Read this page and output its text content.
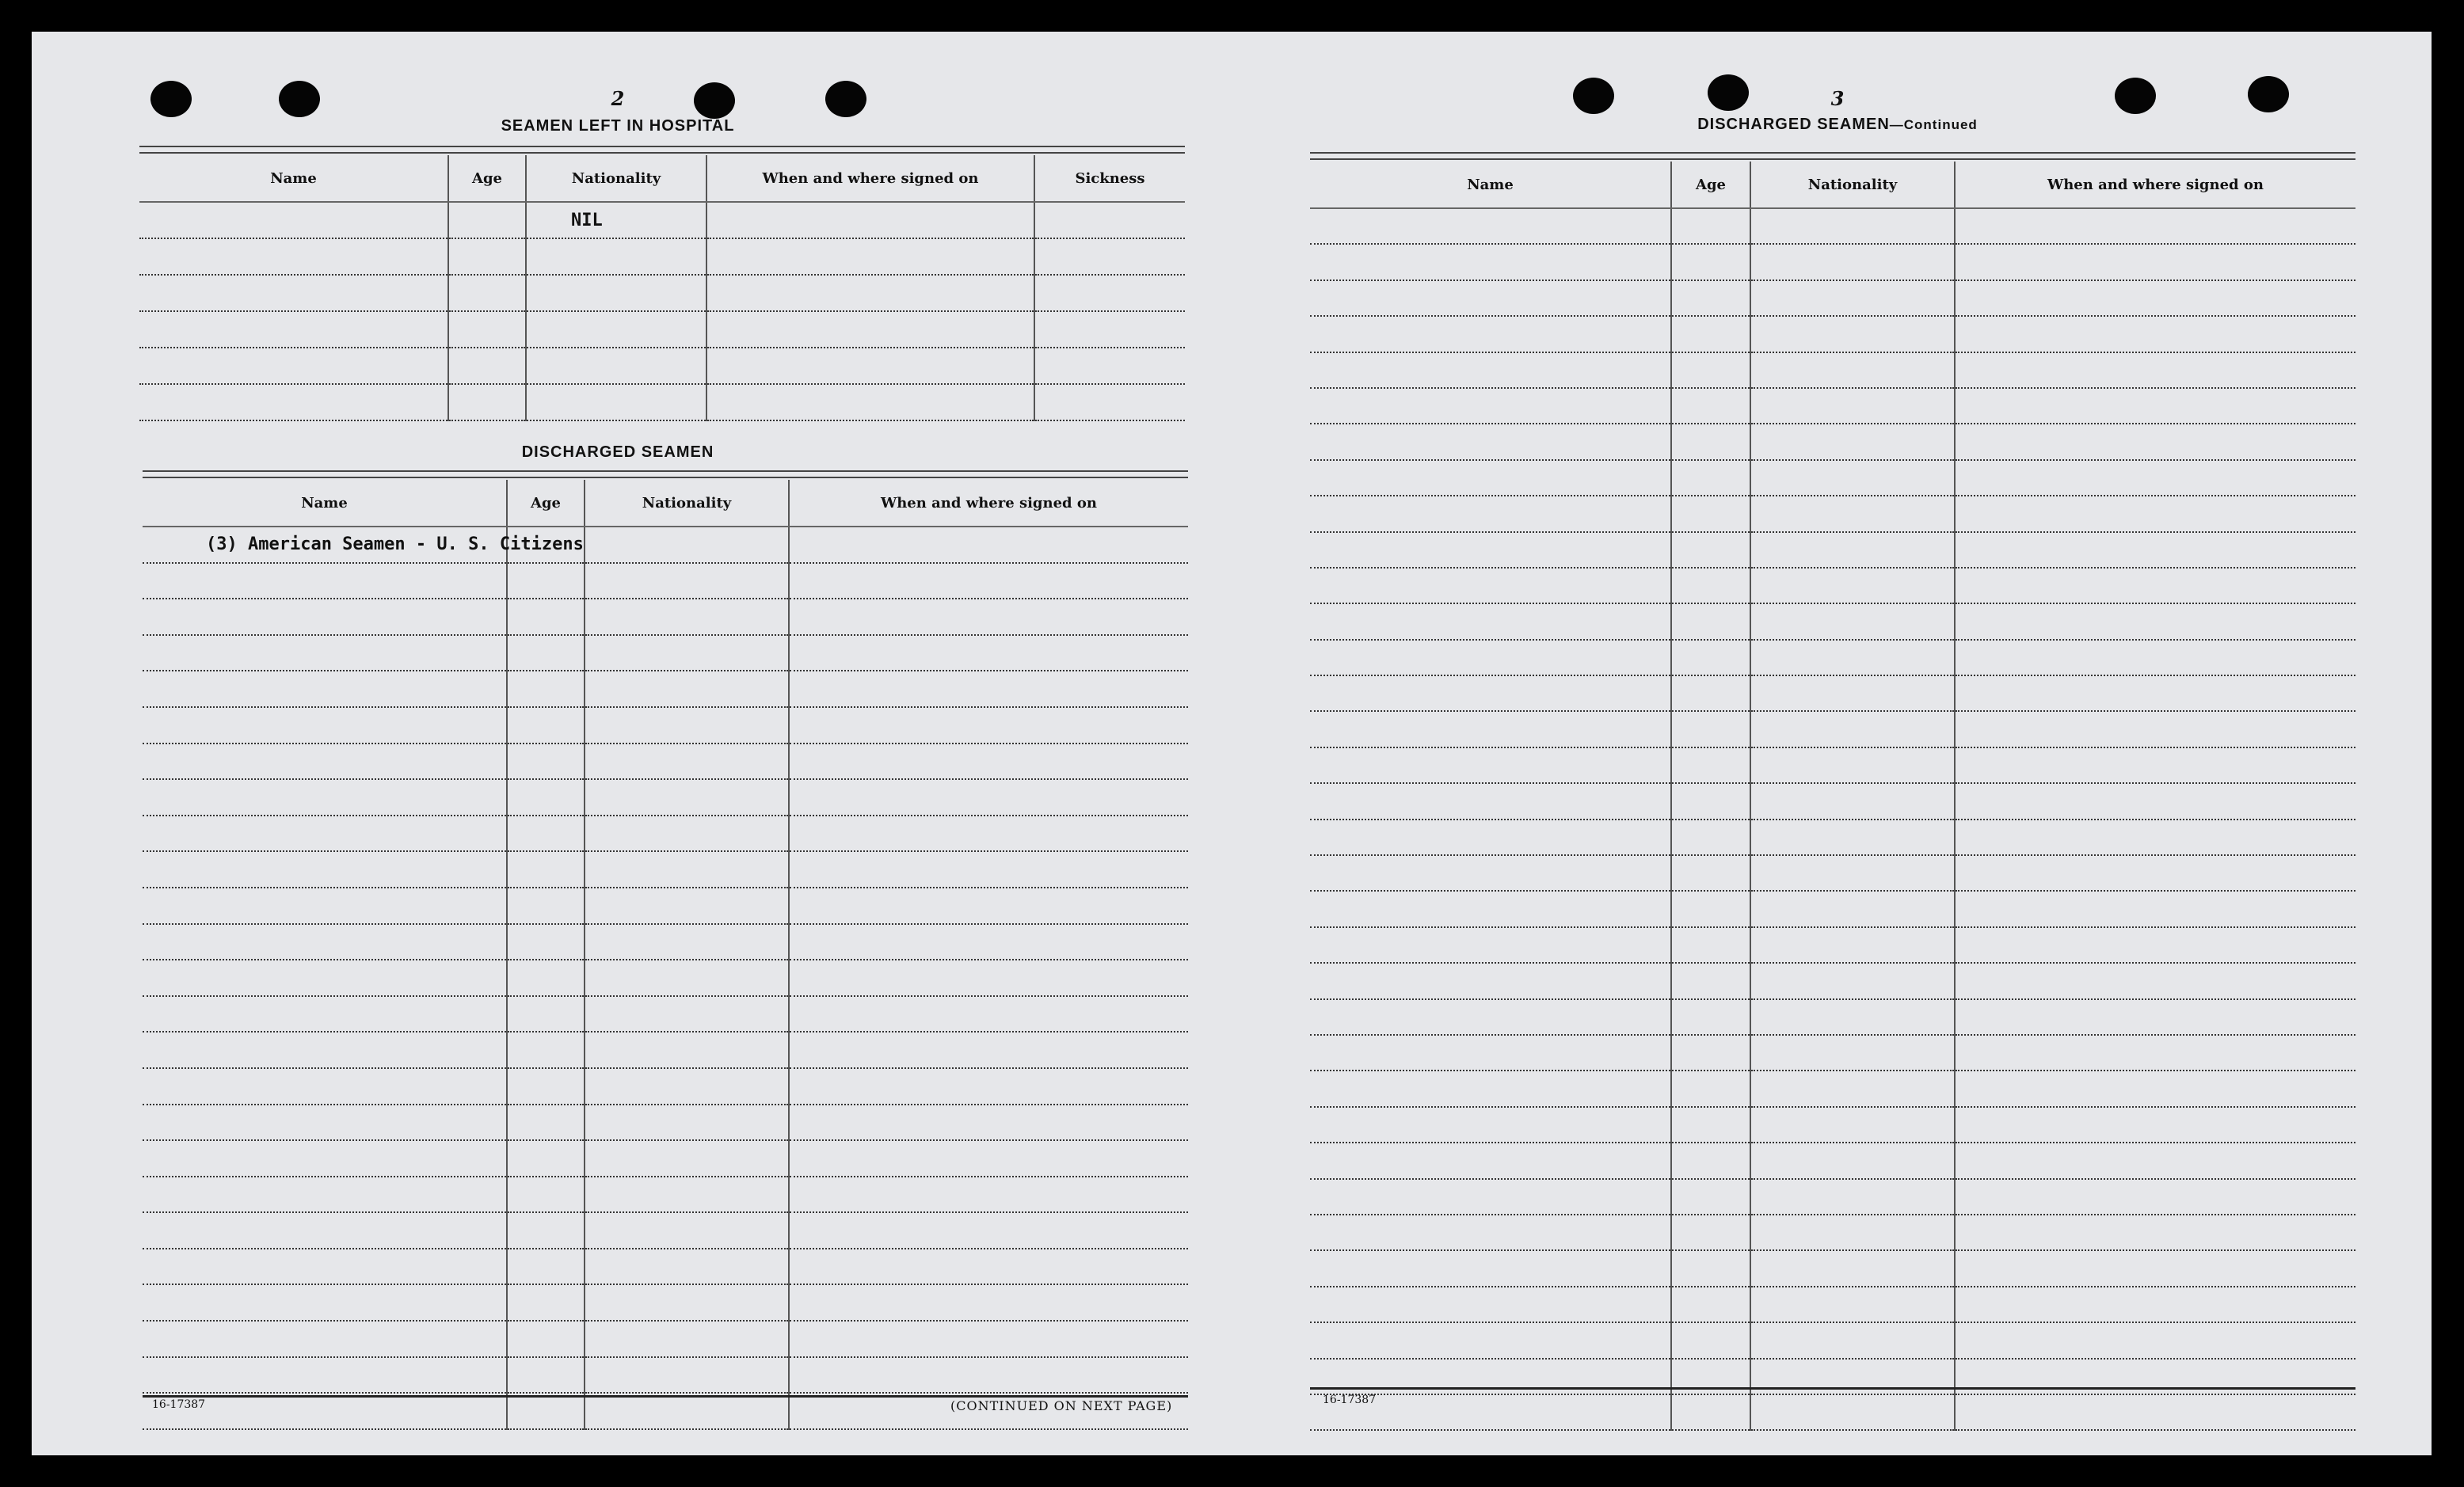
2
SEAMEN LEFT IN HOSPITAL
Name	Age	Nationality	When and where signed on	Sickness
		NIL		

DISCHARGED SEAMEN
Name	Age	Nationality	When and where signed on
(3) American Seamen - U. S. Citizens			

16-17387	(CONTINUED ON NEXT PAGE)
3
DISCHARGED SEAMEN—Continued
Name	Age	Nationality	When and where signed on

16-17387
